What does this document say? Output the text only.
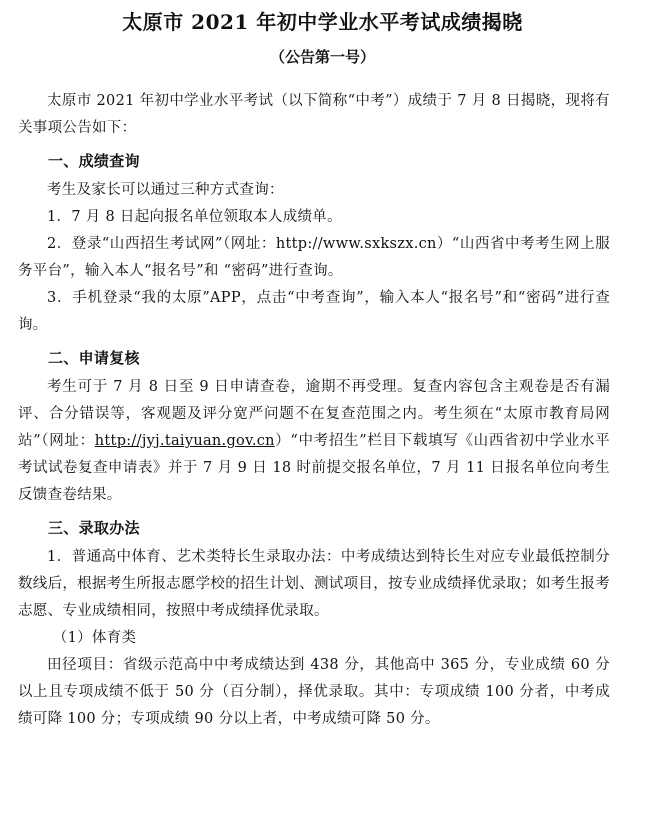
太原市 2021 年初中学业水平考试成绩揭晓
（公告第一号）

太原市 2021 年初中学业水平考试（以下简称“中考”）成绩于 7 月 8 日揭晓，现将有关事项公告如下：

一、成绩查询

考生及家长可以通过三种方式查询：

1．7 月 8 日起向报名单位领取本人成绩单。

2．登录“山西招生考试网”（网址：http://www.sxkszx.cn）“山西省中考考生网上服务平台”，输入本人“报名号”和 “密码”进行查询。

3．手机登录“我的太原”APP，点击“中考查询”，输入本人“报名号”和“密码”进行查询。

二、申请复核

考生可于 7 月 8 日至 9 日申请查卷，逾期不再受理。复查内容包含主观卷是否有漏评、合分错误等，客观题及评分宽严问题不在复查范围之内。考生须在“太原市教育局网站”（网址：http://jyj.taiyuan.gov.cn）“中考招生”栏目下载填写《山西省初中学业水平考试试卷复查申请表》并于 7 月 9 日 18 时前提交报名单位，7 月 11 日报名单位向考生反馈查卷结果。

三、录取办法

1．普通高中体育、艺术类特长生录取办法：中考成绩达到特长生对应专业最低控制分数线后，根据考生所报志愿学校的招生计划、测试项目，按专业成绩择优录取；如考生报考志愿、专业成绩相同，按照中考成绩择优录取。

（1）体育类

田径项目：省级示范高中中考成绩达到 438 分，其他高中 365 分，专业成绩 60 分以上且专项成绩不低于 50 分（百分制），择优录取。其中：专项成绩 100 分者，中考成绩可降 100 分；专项成绩 90 分以上者，中考成绩可降 50 分。
